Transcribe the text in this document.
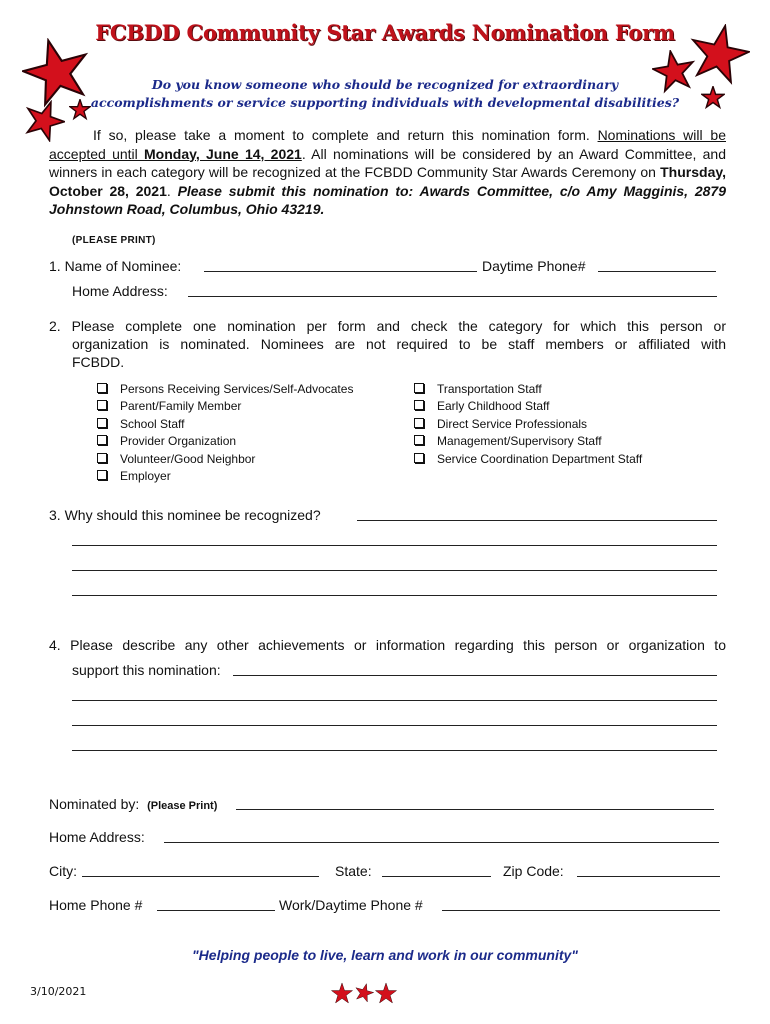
FCBDD Community Star Awards Nomination Form
Do you know someone who should be recognized for extraordinary
accomplishments or service supporting individuals with developmental disabilities?
If so, please take a moment to complete and return this nomination form. Nominations will be accepted until Monday, June 14, 2021. All nominations will be considered by an Award Committee, and winners in each category will be recognized at the FCBDD Community Star Awards Ceremony on Thursday, October 28, 2021. Please submit this nomination to: Awards Committee, c/o Amy Magginis, 2879 Johnstown Road, Columbus, Ohio 43219.
(PLEASE PRINT)
1. Name of Nominee:	Daytime Phone#
Home Address:
2. Please complete one nomination per form and check the category for which this person or
organization is nominated. Nominees are not required to be staff members or affiliated with
FCBDD.
Persons Receiving Services/Self-Advocates
Parent/Family Member
School Staff
Provider Organization
Volunteer/Good Neighbor
Employer
Transportation Staff
Early Childhood Staff
Direct Service Professionals
Management/Supervisory Staff
Service Coordination Department Staff
3. Why should this nominee be recognized?
4. Please describe any other achievements or information regarding this person or organization to
support this nomination:
Nominated by: (Please Print)
Home Address:
City:	State:	Zip Code:
Home Phone #	Work/Daytime Phone #
"Helping people to live, learn and work in our community"
3/10/2021
